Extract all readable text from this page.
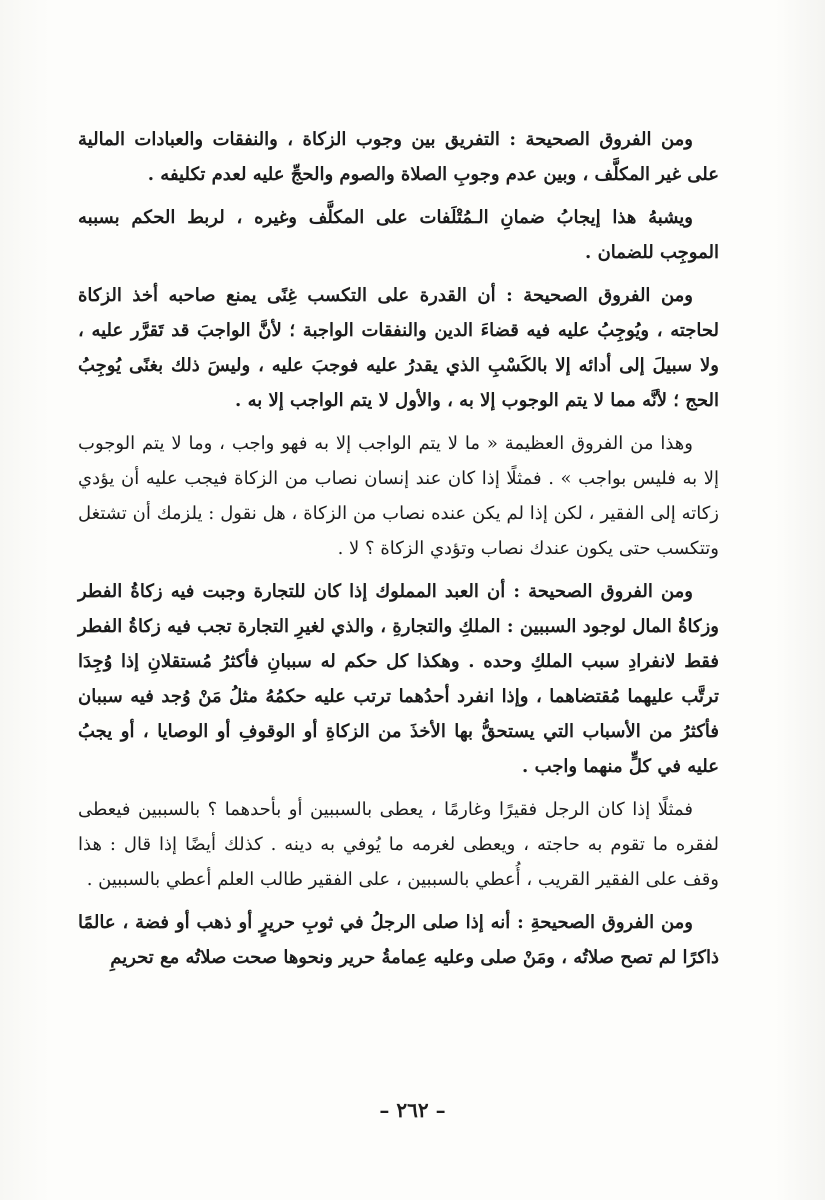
ومن الفروق الصحيحة : التفريق بين وجوب الزكاة ، والنفقات والعبادات المالية على غير المكلَّف ، وبين عدم وجوبِ الصلاة والصوم والحجِّ عليه لعدم تكليفه .

ويشبهُ هذا إيجابُ ضمانِ الـمُتْلَفات على المكلَّف وغيره ، لربط الحكم بسببه الموجِب للضمان .

ومن الفروق الصحيحة : أن القدرة على التكسب غِنًى يمنع صاحبه أخذ الزكاة لحاجته ، ويُوجِبُ عليه فيه قضاءَ الدين والنفقات الواجبة ؛ لأنَّ الواجبَ قد تَقرَّر عليه ، ولا سبيلَ إلى أدائه إلا بالكَسْبِ الذي يقدرُ عليه فوجبَ عليه ، وليسَ ذلك بغنًى يُوجِبُ الحج ؛ لأنَّه مما لا يتم الوجوب إلا به ، والأول لا يتم الواجب إلا به .

وهذا من الفروق العظيمة « ما لا يتم الواجب إلا به فهو واجب ، وما لا يتم الوجوب إلا به فليس بواجب » . فمثلًا إذا كان عند إنسان نصاب من الزكاة فيجب عليه أن يؤدي زكاته إلى الفقير ، لكن إذا لم يكن عنده نصاب من الزكاة ، هل نقول : يلزمك أن تشتغل وتتكسب حتى يكون عندك نصاب وتؤدي الزكاة ؟ لا .

ومن الفروق الصحيحة : أن العبد المملوك إذا كان للتجارة وجبت فيه زكاةُ الفطر وزكاةُ المال لوجود السببين : الملكِ والتجارةِ ، والذي لغيرِ التجارة تجب فيه زكاةُ الفطر فقط لانفرادِ سبب الملكِ وحده . وهكذا كل حكم له سببانِ فأكثرُ مُستقلانِ إذا وُجِدَا ترتَّب عليهما مُقتضاهما ، وإذا انفرد أحدُهما ترتب عليه حكمُهُ مثلُ مَنْ وُجد فيه سببان فأكثرُ من الأسباب التي يستحقُّ بها الأخذَ من الزكاةِ أو الوقوفِ أو الوصايا ، أو يجبُ عليه في كلٍّ منهما واجب .

فمثلًا إذا كان الرجل فقيرًا وغارمًا ، يعطى بالسببين أو بأحدهما ؟ بالسببين فيعطى لفقره ما تقوم به حاجته ، ويعطى لغرمه ما يُوفي به دينه . كذلك أيضًا إذا قال : هذا وقف على الفقير القريب ، أُعطي بالسببين ، على الفقير طالب العلم أعطي بالسببين .

ومن الفروق الصحيحةِ : أنه إذا صلى الرجلُ في ثوبِ حريرٍ أو ذهب أو فضة ، عالمًا ذاكرًا لم تصح صلاتُه ، ومَنْ صلى وعليه عِمامةُ حرير ونحوها صحت صلاتُه مع تحريمِ

– ٢٦٢ –
